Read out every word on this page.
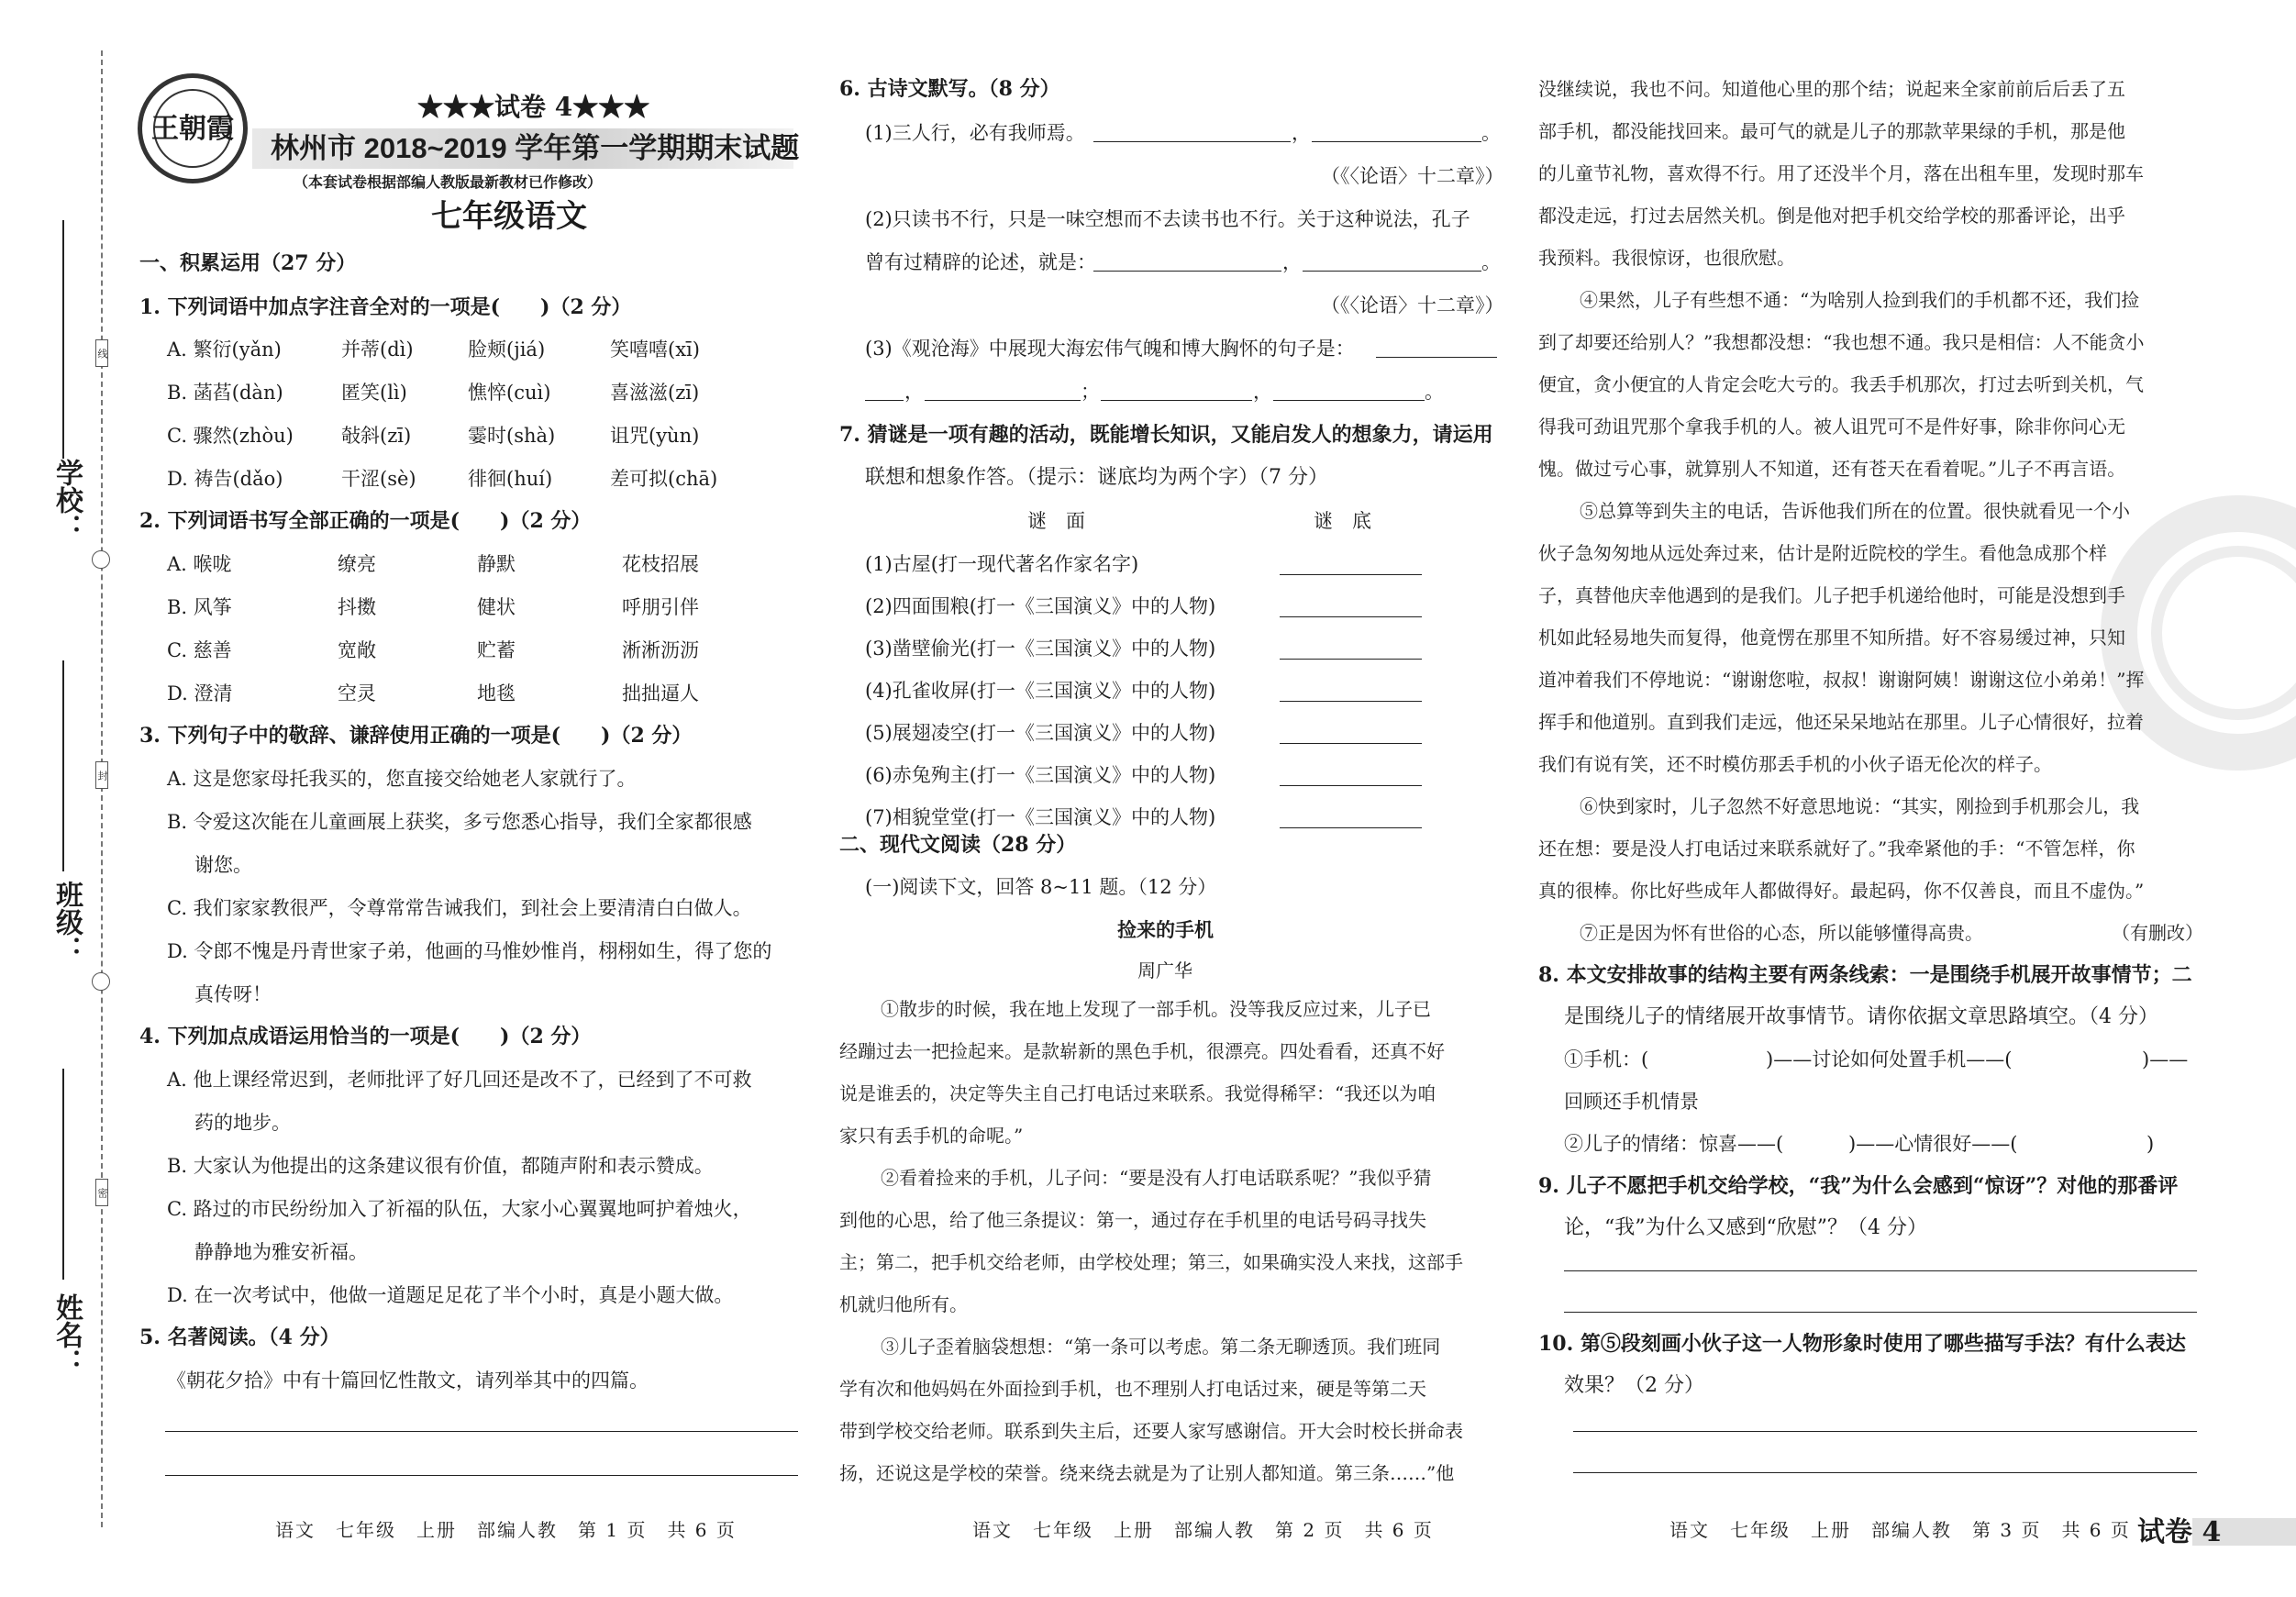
线
封
密
学校：
班级：
姓名：
王朝霞
★★★试卷 4★★★
林州市 2018~2019 学年第一学期期末试题
（本套试卷根据部编人教版最新教材已作修改）
七年级语文
一、积累运用（27 分）
1. 下列词语中加点字注音全对的一项是(　　)（2 分）
A. 繁衍(yǎn)	并蒂(dì)	脸颊(jiá)	笑嘻嘻(xī)
B. 菡萏(dàn)	匿笑(lì)	憔悴(cuì)	喜滋滋(zī)
C. 骤然(zhòu) 敧斜(zī)	霎时(shà)	诅咒(yùn)
D. 祷告(dǎo)	干涩(sè)	徘徊(huí)	差可拟(chā)
2. 下列词语书写全部正确的一项是(　　)（2 分）
A. 喉咙	缭亮	静默	花枝招展
B. 风筝	抖擞	健状	呼朋引伴
C. 慈善	宽敞	贮蓄	淅淅沥沥
D. 澄清	空灵	地毯	拙拙逼人
3. 下列句子中的敬辞、谦辞使用正确的一项是(　　)（2 分）
A. 这是您家母托我买的，您直接交给她老人家就行了。
B. 令爱这次能在儿童画展上获奖，多亏您悉心指导，我们全家都很感
谢您。
C. 我们家家教很严，令尊常常告诫我们，到社会上要清清白白做人。
D. 令郎不愧是丹青世家子弟，他画的马惟妙惟肖，栩栩如生，得了您的
真传呀！
4. 下列加点成语运用恰当的一项是(　　)（2 分）
A. 他上课经常迟到，老师批评了好几回还是改不了，已经到了不可救
药的地步。
B. 大家认为他提出的这条建议很有价值，都随声附和表示赞成。
C. 路过的市民纷纷加入了祈福的队伍，大家小心翼翼地呵护着烛火，
静静地为雅安祈福。
D. 在一次考试中，他做一道题足足花了半个小时，真是小题大做。
5. 名著阅读。（4 分）
《朝花夕拾》中有十篇回忆性散文，请列举其中的四篇。
语文　七年级　上册　部编人教　第 1 页　共 6 页
6. 古诗文默写。（8 分）
(1)三人行，必有我师焉。	，	。
（《〈论语〉十二章》）
(2)只读书不行，只是一味空想而不去读书也不行。关于这种说法，孔子
曾有过精辟的论述，就是：	，	。
（《〈论语〉十二章》）
(3)《观沧海》中展现大海宏伟气魄和博大胸怀的句子是：
，	；	，	。
7. 猜谜是一项有趣的活动，既能增长知识，又能启发人的想象力，请运用
联想和想象作答。（提示：谜底均为两个字）（7 分）
谜　面	谜　底
(1)古屋(打一现代著名作家名字)
(2)四面围粮(打一《三国演义》中的人物)
(3)凿壁偷光(打一《三国演义》中的人物)
(4)孔雀收屏(打一《三国演义》中的人物)
(5)展翅凌空(打一《三国演义》中的人物)
(6)赤兔殉主(打一《三国演义》中的人物)
(7)相貌堂堂(打一《三国演义》中的人物)
二、现代文阅读（28 分）
(一)阅读下文，回答 8~11 题。（12 分）
捡来的手机
周广华
①散步的时候，我在地上发现了一部手机。没等我反应过来，儿子已
经蹦过去一把捡起来。是款崭新的黑色手机，很漂亮。四处看看，还真不好
说是谁丢的，决定等失主自己打电话过来联系。我觉得稀罕：“我还以为咱
家只有丢手机的命呢。”
②看着捡来的手机，儿子问：“要是没有人打电话联系呢？”我似乎猜
到他的心思，给了他三条提议：第一，通过存在手机里的电话号码寻找失
主；第二，把手机交给老师，由学校处理；第三，如果确实没人来找，这部手
机就归他所有。
③儿子歪着脑袋想想：“第一条可以考虑。第二条无聊透顶。我们班同
学有次和他妈妈在外面捡到手机，也不理别人打电话过来，硬是等第二天
带到学校交给老师。联系到失主后，还要人家写感谢信。开大会时校长拼命表
扬，还说这是学校的荣誉。绕来绕去就是为了让别人都知道。第三条……”他
语文　七年级　上册　部编人教　第 2 页　共 6 页
没继续说，我也不问。知道他心里的那个结；说起来全家前前后后丢了五
部手机，都没能找回来。最可气的就是儿子的那款苹果绿的手机，那是他
的儿童节礼物，喜欢得不行。用了还没半个月，落在出租车里，发现时那车
都没走远，打过去居然关机。倒是他对把手机交给学校的那番评论，出乎
我预料。我很惊讶，也很欣慰。
④果然，儿子有些想不通：“为啥别人捡到我们的手机都不还，我们捡
到了却要还给别人？”我想都没想：“我也想不通。我只是相信：人不能贪小
便宜，贪小便宜的人肯定会吃大亏的。我丢手机那次，打过去听到关机，气
得我可劲诅咒那个拿我手机的人。被人诅咒可不是件好事，除非你问心无
愧。做过亏心事，就算别人不知道，还有苍天在看着呢。”儿子不再言语。
⑤总算等到失主的电话，告诉他我们所在的位置。很快就看见一个小
伙子急匆匆地从远处奔过来，估计是附近院校的学生。看他急成那个样
子，真替他庆幸他遇到的是我们。儿子把手机递给他时，可能是没想到手
机如此轻易地失而复得，他竟愣在那里不知所措。好不容易缓过神，只知
道冲着我们不停地说：“谢谢您啦，叔叔！谢谢阿姨！谢谢这位小弟弟！”挥
挥手和他道别。直到我们走远，他还呆呆地站在那里。儿子心情很好，拉着
我们有说有笑，还不时模仿那丢手机的小伙子语无伦次的样子。
⑥快到家时，儿子忽然不好意思地说：“其实，刚捡到手机那会儿，我
还在想：要是没人打电话过来联系就好了。”我牵紧他的手：“不管怎样，你
真的很棒。你比好些成年人都做得好。最起码，你不仅善良，而且不虚伪。”
⑦正是因为怀有世俗的心态，所以能够懂得高贵。	（有删改）
8. 本文安排故事的结构主要有两条线索：一是围绕手机展开故事情节；二
是围绕儿子的情绪展开故事情节。请你依据文章思路填空。（4 分）
①手机：(	)——讨论如何处置手机——(	)——
回顾还手机情景
②儿子的情绪：惊喜——(	)——心情很好——(	)
9. 儿子不愿把手机交给学校，“我”为什么会感到“惊讶”？对他的那番评
论，“我”为什么又感到“欣慰”？（4 分）
10. 第⑤段刻画小伙子这一人物形象时使用了哪些描写手法？有什么表达
效果？（2 分）
语文　七年级　上册　部编人教　第 3 页　共 6 页 试卷 4
